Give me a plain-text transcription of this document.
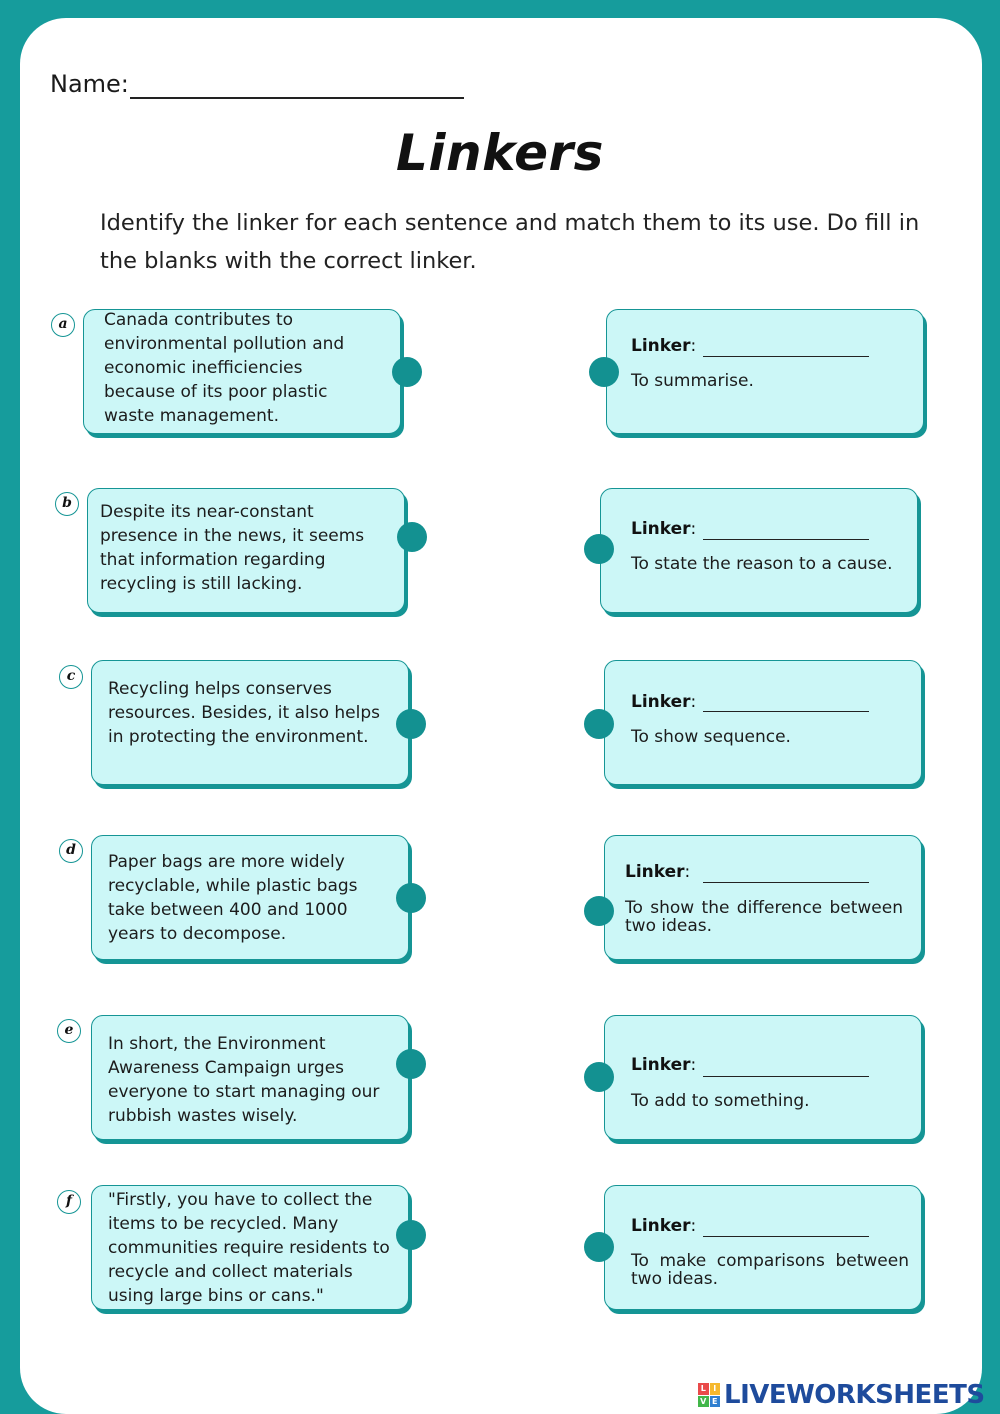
Name:
Linkers
Identify the linker for each sentence and match them to its use. Do fill in the blanks with the correct linker.
a	Canada contributes to environmental pollution and economic inefficiencies because of its poor plastic waste management.
b	Despite its near-constant presence in the news, it seems that information regarding recycling is still lacking.
c
Recycling helps conserves resources. Besides, it also helps in protecting the environment.
d
Paper bags are more widely recyclable, while plastic bags take between 400 and 1000 years to decompose.
e
In short, the Environment Awareness Campaign urges everyone to start managing our rubbish wastes wisely.
f	"Firstly, you have to collect the items to be recycled. Many communities require residents to recycle and collect materials using large bins or cans."
Linker:
To summarise.
Linker:
To state the reason to a cause.
Linker:
To show sequence.
Linker:
To show the difference between two ideas.
Linker:
To add to something.
Linker:
To make comparisons between two ideas.
L I
V E LIVEWORKSHEETS
